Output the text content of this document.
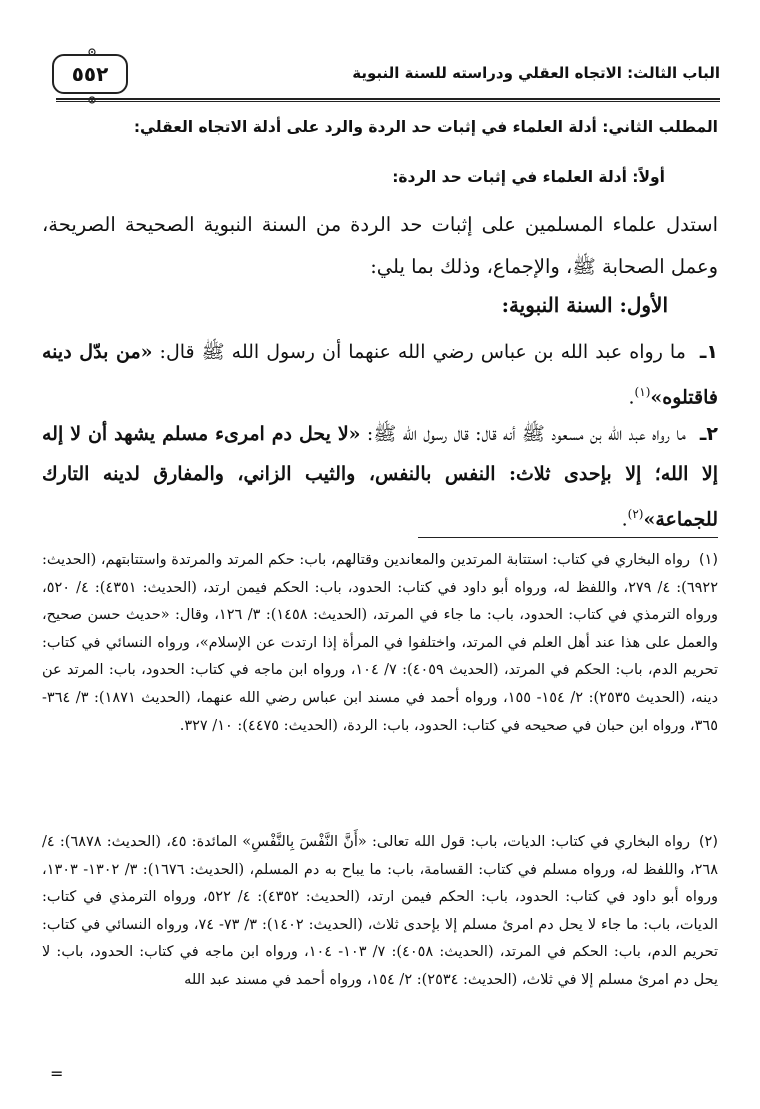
٥٥٢	الباب الثالث: الاتجاه العقلي ودراسته للسنة النبوية
المطلب الثاني: أدلة العلماء في إثبات حد الردة والرد على أدلة الاتجاه العقلي:
أولاً: أدلة العلماء في إثبات حد الردة:
استدل علماء المسلمين على إثبات حد الردة من السنة النبوية الصحيحة الصريحة، وعمل الصحابة ﷺ، والإجماع، وذلك بما يلي:
الأول: السنة النبوية:
١ـما رواه عبد الله بن عباس رضي الله عنهما أن رسول الله ﷺ قال: «من بدّل دينه فاقتلوه»$^{(١)}$.
٢ـما رواه عبد الله بن مسعود ﷺ أنه قال: قال رسول الله ﷺ: «لا يحل دم امرىء مسلم يشهد أن لا إله إلا الله؛ إلا بإحدى ثلاث: النفس بالنفس، والثيب الزاني، والمفارق لدينه التارك للجماعة»$^{(٢)}$.
(١)رواه البخاري في كتاب: استتابة المرتدين والمعاندين وقتالهم، باب: حكم المرتد والمرتدة واستتابتهم، (الحديث: ٦٩٢٢): ٤/ ٢٧٩، واللفظ له، ورواه أبو داود في كتاب: الحدود، باب: الحكم فيمن ارتد، (الحديث: ٤٣٥١): ٤/ ٥٢٠، ورواه الترمذي في كتاب: الحدود، باب: ما جاء في المرتد، (الحديث: ١٤٥٨): ٣/ ١٢٦، وقال: «حديث حسن صحيح، والعمل على هذا عند أهل العلم في المرتد، واختلفوا في المرأة إذا ارتدت عن الإسلام»، ورواه النسائي في كتاب: تحريم الدم، باب: الحكم في المرتد، (الحديث ٤٠٥٩): ٧/ ١٠٤، ورواه ابن ماجه في كتاب: الحدود، باب: المرتد عن دينه، (الحديث ٢٥٣٥): ٢/ ١٥٤- ١٥٥، ورواه أحمد في مسند ابن عباس رضي الله عنهما، (الحديث ١٨٧١): ٣/ ٣٦٤- ٣٦٥، ورواه ابن حبان في صحيحه في كتاب: الحدود، باب: الردة، (الحديث: ٤٤٧٥): ١٠/ ٣٢٧.
(٢)رواه البخاري في كتاب: الديات، باب: قول الله تعالى: «أَنَّ النَّفْسَ بِالنَّفْسِ» المائدة: ٤٥، (الحديث: ٦٨٧٨): ٤/ ٢٦٨، واللفظ له، ورواه مسلم في كتاب: القسامة، باب: ما يباح به دم المسلم، (الحديث: ١٦٧٦): ٣/ ١٣٠٢- ١٣٠٣، ورواه أبو داود في كتاب: الحدود، باب: الحكم فيمن ارتد، (الحديث: ٤٣٥٢): ٤/ ٥٢٢، ورواه الترمذي في كتاب: الديات، باب: ما جاء لا يحل دم امرئ مسلم إلا بإحدى ثلاث، (الحديث: ١٤٠٢): ٣/ ٧٣- ٧٤، ورواه النسائي في كتاب: تحريم الدم، باب: الحكم في المرتد، (الحديث: ٤٠٥٨): ٧/ ١٠٣- ١٠٤، ورواه ابن ماجه في كتاب: الحدود، باب: لا يحل دم امرئ مسلم إلا في ثلاث، (الحديث: ٢٥٣٤): ٢/ ١٥٤، ورواه أحمد في مسند عبد الله
=
